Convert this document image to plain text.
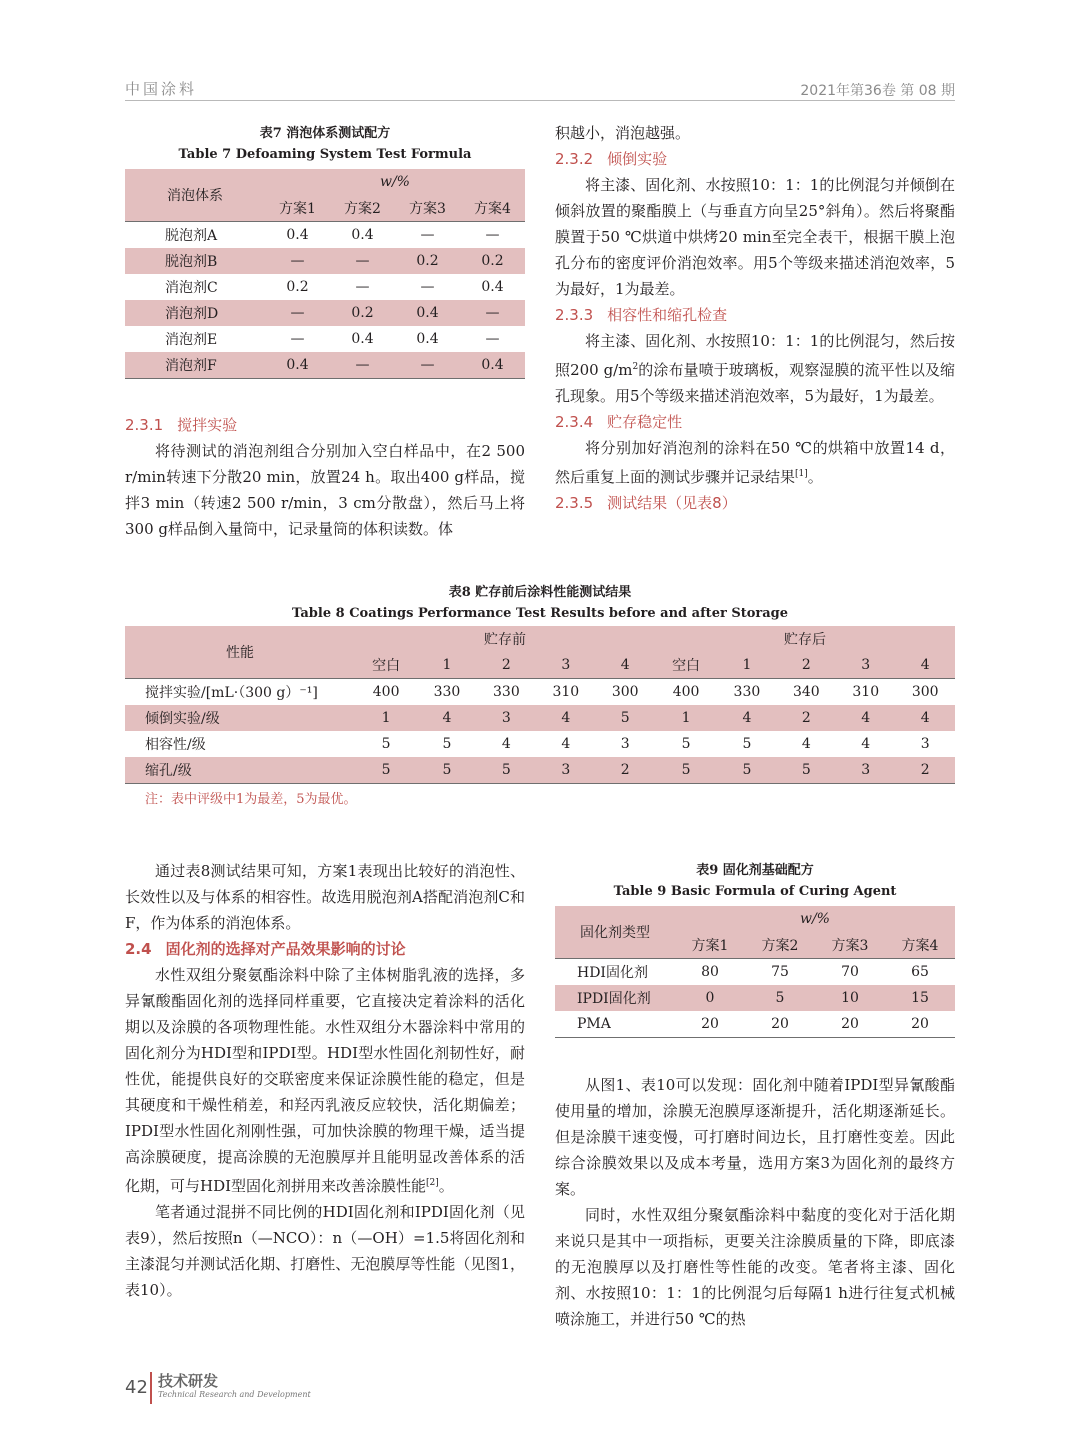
中国涂料	2021年第36卷 第 08 期
表7 消泡体系测试配方
Table 7 Defoaming System Test Formula
消泡体系	w/%			
	方案1	方案2	方案3	方案4
脱泡剂A	0.4	0.4	—	—
脱泡剂B	—	—	0.2	0.2
消泡剂C	0.2	—	—	0.4
消泡剂D	—	0.2	0.4	—
消泡剂E	—	0.4	0.4	—
消泡剂F	0.4	—	—	0.4
2.3.1 搅拌实验

将待测试的消泡剂组合分别加入空白样品中，在2 500 r/min转速下分散20 min，放置24 h。取出400 g样品，搅拌3 min（转速2 500 r/min，3 cm分散盘），然后马上将300 g样品倒入量筒中，记录量筒的体积读数。体

积越小，消泡越强。

2.3.2 倾倒实验

将主漆、固化剂、水按照10：1：1的比例混匀并倾倒在倾斜放置的聚酯膜上（与垂直方向呈25°斜角）。然后将聚酯膜置于50 ℃烘道中烘烤20 min至完全表干，根据干膜上泡孔分布的密度评价消泡效率。用5个等级来描述消泡效率，5为最好，1为最差。

2.3.3 相容性和缩孔检查

将主漆、固化剂、水按照10：1：1的比例混匀，然后按照200 $g/m^2$的涂布量喷于玻璃板，观察湿膜的流平性以及缩孔现象。用5个等级来描述消泡效率，5为最好，1为最差。

2.3.4 贮存稳定性

将分别加好消泡剂的涂料在50 ℃的烘箱中放置14 d，然后重复上面的测试步骤并记录结果[1]。

2.3.5 测试结果（见表8）
表8 贮存前后涂料性能测试结果
Table 8 Coatings Performance Test Results before and after Storage
性能	贮存前					贮存后				
	空白	1	2	3	4	空白	1	2	3	4
搅拌实验/[mL·（300 g）⁻¹]	400	330	330	310	300	400	330	340	310	300
倾倒实验/级	1	4	3	4	5	1	4	2	4	4
相容性/级	5	5	4	4	3	5	5	4	4	3
缩孔/级	5	5	5	3	2	5	5	5	3	2
注：表中评级中1为最差，5为最优。

通过表8测试结果可知，方案1表现出比较好的消泡性、长效性以及与体系的相容性。故选用脱泡剂A搭配消泡剂C和F，作为体系的消泡体系。

2.4 固化剂的选择对产品效果影响的讨论

水性双组分聚氨酯涂料中除了主体树脂乳液的选择，多异氰酸酯固化剂的选择同样重要，它直接决定着涂料的活化期以及涂膜的各项物理性能。水性双组分木器涂料中常用的固化剂分为HDI型和IPDI型。HDI型水性固化剂韧性好，耐性优，能提供良好的交联密度来保证涂膜性能的稳定，但是其硬度和干燥性稍差，和羟丙乳液反应较快，活化期偏差；IPDI型水性固化剂刚性强，可加快涂膜的物理干燥，适当提高涂膜硬度，提高涂膜的无泡膜厚并且能明显改善体系的活化期，可与HDI型固化剂拼用来改善涂膜性能[2]。

笔者通过混拼不同比例的HDI固化剂和IPDI固化剂（见表9），然后按照n（—NCO）：n（—OH）=1.5将固化剂和主漆混匀并测试活化期、打磨性、无泡膜厚等性能（见图1，表10）。

表9 固化剂基础配方
Table 9 Basic Formula of Curing Agent
固化剂类型	w/%			
	方案1	方案2	方案3	方案4
HDI固化剂	80	75	70	65
IPDI固化剂	0	5	10	15
PMA	20	20	20	20

从图1、表10可以发现：固化剂中随着IPDI型异氰酸酯使用量的增加，涂膜无泡膜厚逐渐提升，活化期逐渐延长。但是涂膜干速变慢，可打磨时间边长，且打磨性变差。因此综合涂膜效果以及成本考量，选用方案3为固化剂的最终方案。

同时，水性双组分聚氨酯涂料中黏度的变化对于活化期来说只是其中一项指标，更要关注涂膜质量的下降，即底漆的无泡膜厚以及打磨性等性能的改变。笔者将主漆、固化剂、水按照10：1：1的比例混匀后每隔1 h进行往复式机械喷涂施工，并进行50 ℃的热

42 技术研发
Technical Research and Development
